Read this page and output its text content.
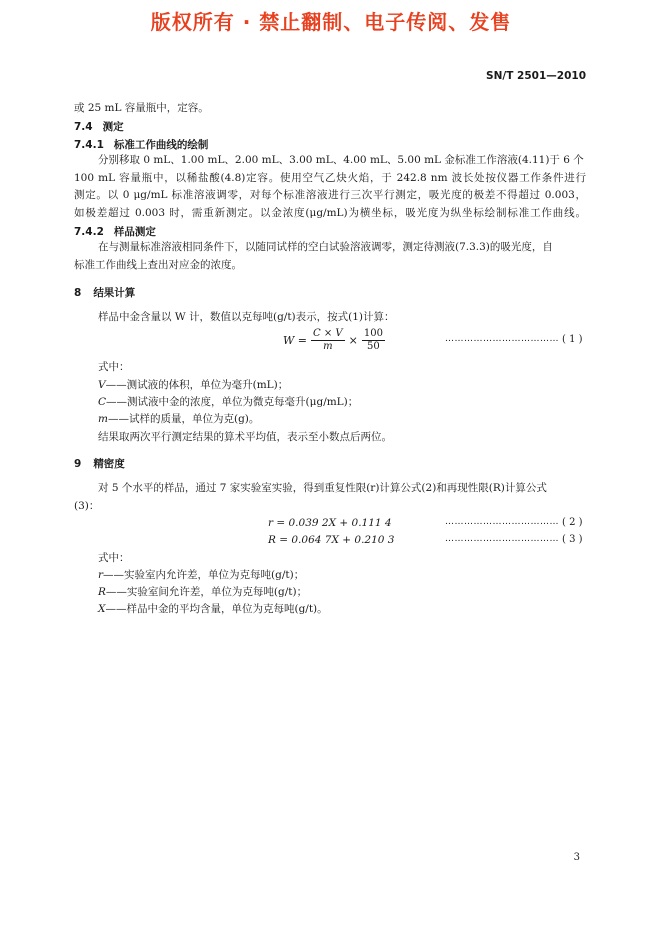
版权所有 · 禁止翻制、电子传阅、发售
SN/T 2501—2010
或 25 mL 容量瓶中，定容。
7.4 测定
7.4.1 标准工作曲线的绘制
分别移取 0 mL、1.00 mL、2.00 mL、3.00 mL、4.00 mL、5.00 mL 金标准工作溶液(4.11)于 6 个
100 mL 容量瓶中，以稀盐酸(4.8)定容。使用空气乙炔火焰，于 242.8 nm 波长处按仪器工作条件进行
测定。以 0 μg/mL 标准溶液调零，对每个标准溶液进行三次平行测定，吸光度的极差不得超过 0.003，
如极差超过 0.003 时，需重新测定。以金浓度(μg/mL)为横坐标，吸光度为纵坐标绘制标准工作曲线。
7.4.2 样品测定
在与测量标准溶液相同条件下，以随同试样的空白试验溶液调零，测定待测液(7.3.3)的吸光度，自
标准工作曲线上查出对应金的浓度。
8 结果计算
样品中金含量以 W 计，数值以克每吨(g/t)表示，按式(1)计算：
$W = \frac{C \times V}{m} \times \frac{100}{50}$	……………………………… ( 1 )
式中：
V——测试液的体积，单位为毫升(mL)；
C——测试液中金的浓度，单位为微克每毫升(μg/mL)；
m——试样的质量，单位为克(g)。
结果取两次平行测定结果的算术平均值，表示至小数点后两位。
9 精密度
对 5 个水平的样品，通过 7 家实验室实验，得到重复性限(r)计算公式(2)和再现性限(R)计算公式
(3)：
r = 0.039 2X + 0.111 4	……………………………… ( 2 )
R = 0.064 7X + 0.210 3	……………………………… ( 3 )
式中：
r——实验室内允许差，单位为克每吨(g/t)；
R——实验室间允许差，单位为克每吨(g/t)；
X——样品中金的平均含量，单位为克每吨(g/t)。
3
